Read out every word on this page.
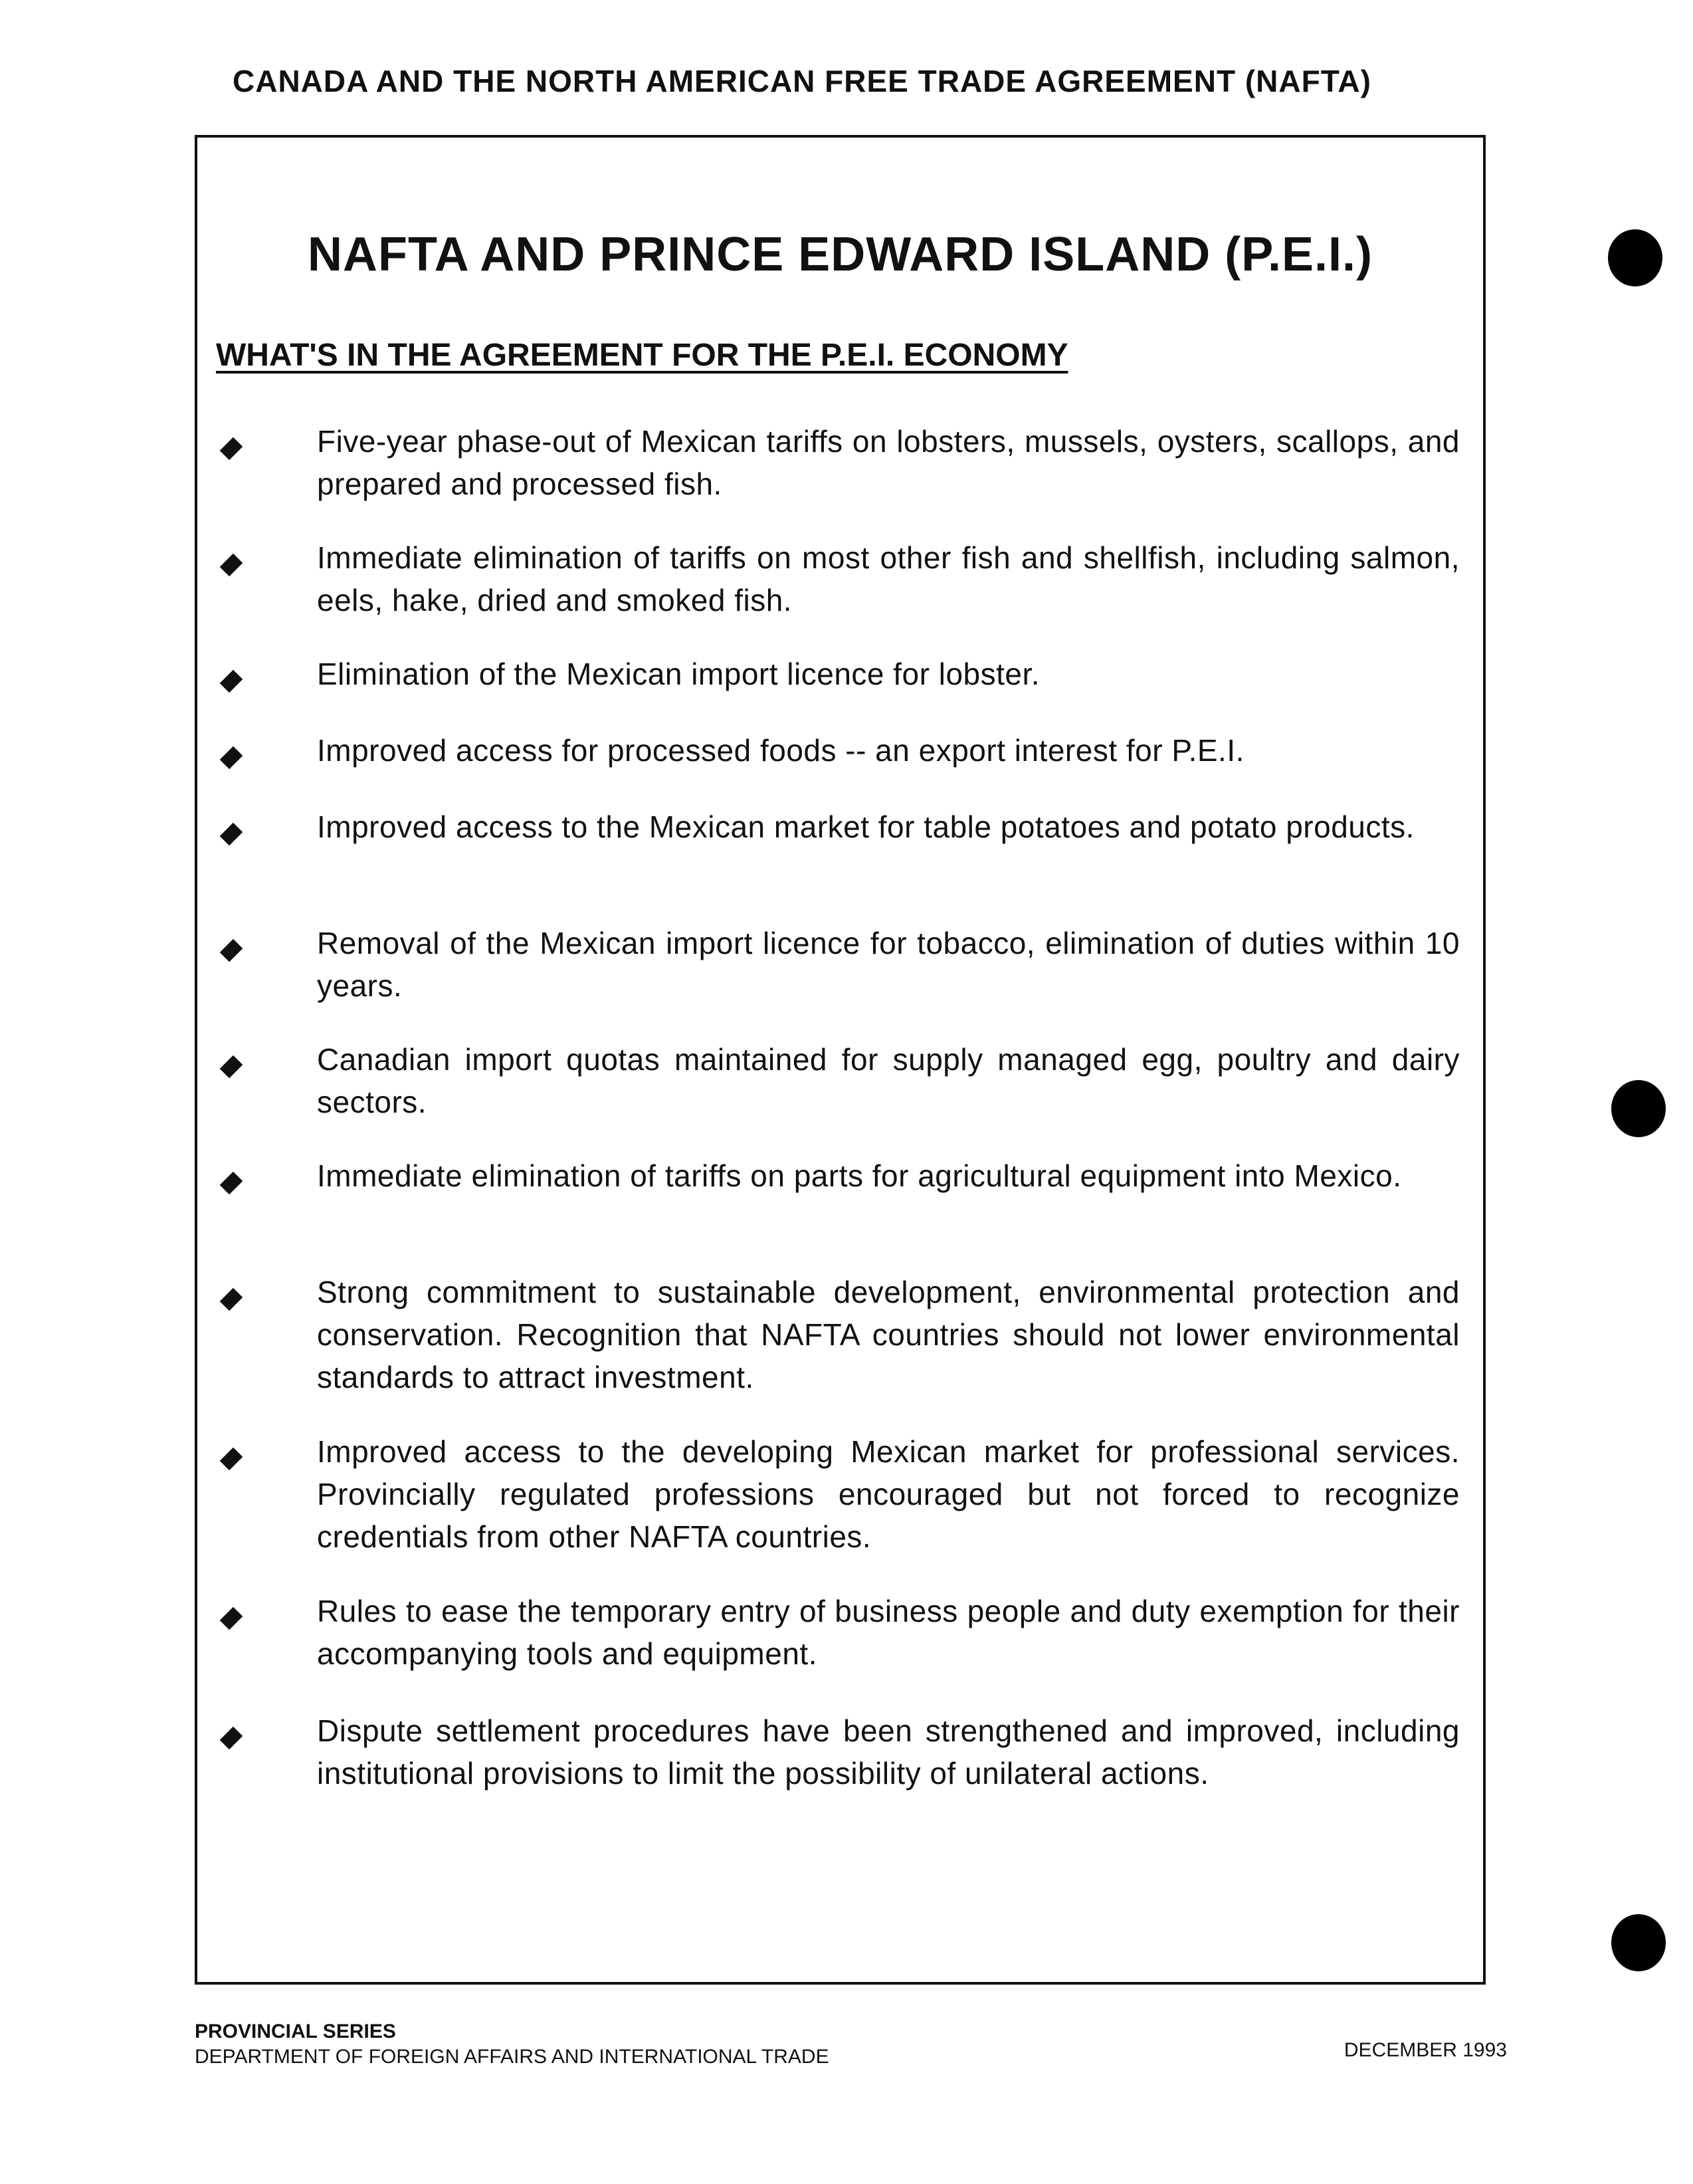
CANADA AND THE NORTH AMERICAN FREE TRADE AGREEMENT (NAFTA)
NAFTA AND PRINCE EDWARD ISLAND (P.E.I.)
WHAT'S IN THE AGREEMENT FOR THE P.E.I. ECONOMY
Five-year phase-out of Mexican tariffs on lobsters, mussels, oysters, scallops, and prepared and processed fish.
Immediate elimination of tariffs on most other fish and shellfish, including salmon, eels, hake, dried and smoked fish.
Elimination of the Mexican import licence for lobster.
Improved access for processed foods -- an export interest for P.E.I.
Improved access to the Mexican market for table potatoes and potato products.
Removal of the Mexican import licence for tobacco, elimination of duties within 10 years.
Canadian import quotas maintained for supply managed egg, poultry and dairy sectors.
Immediate elimination of tariffs on parts for agricultural equipment into Mexico.
Strong commitment to sustainable development, environmental protection and conservation. Recognition that NAFTA countries should not lower environmental standards to attract investment.
Improved access to the developing Mexican market for professional services. Provincially regulated professions encouraged but not forced to recognize credentials from other NAFTA countries.
Rules to ease the temporary entry of business people and duty exemption for their accompanying tools and equipment.
Dispute settlement procedures have been strengthened and improved, including institutional provisions to limit the possibility of unilateral actions.
PROVINCIAL SERIES
DEPARTMENT OF FOREIGN AFFAIRS AND INTERNATIONAL TRADE	DECEMBER 1993
